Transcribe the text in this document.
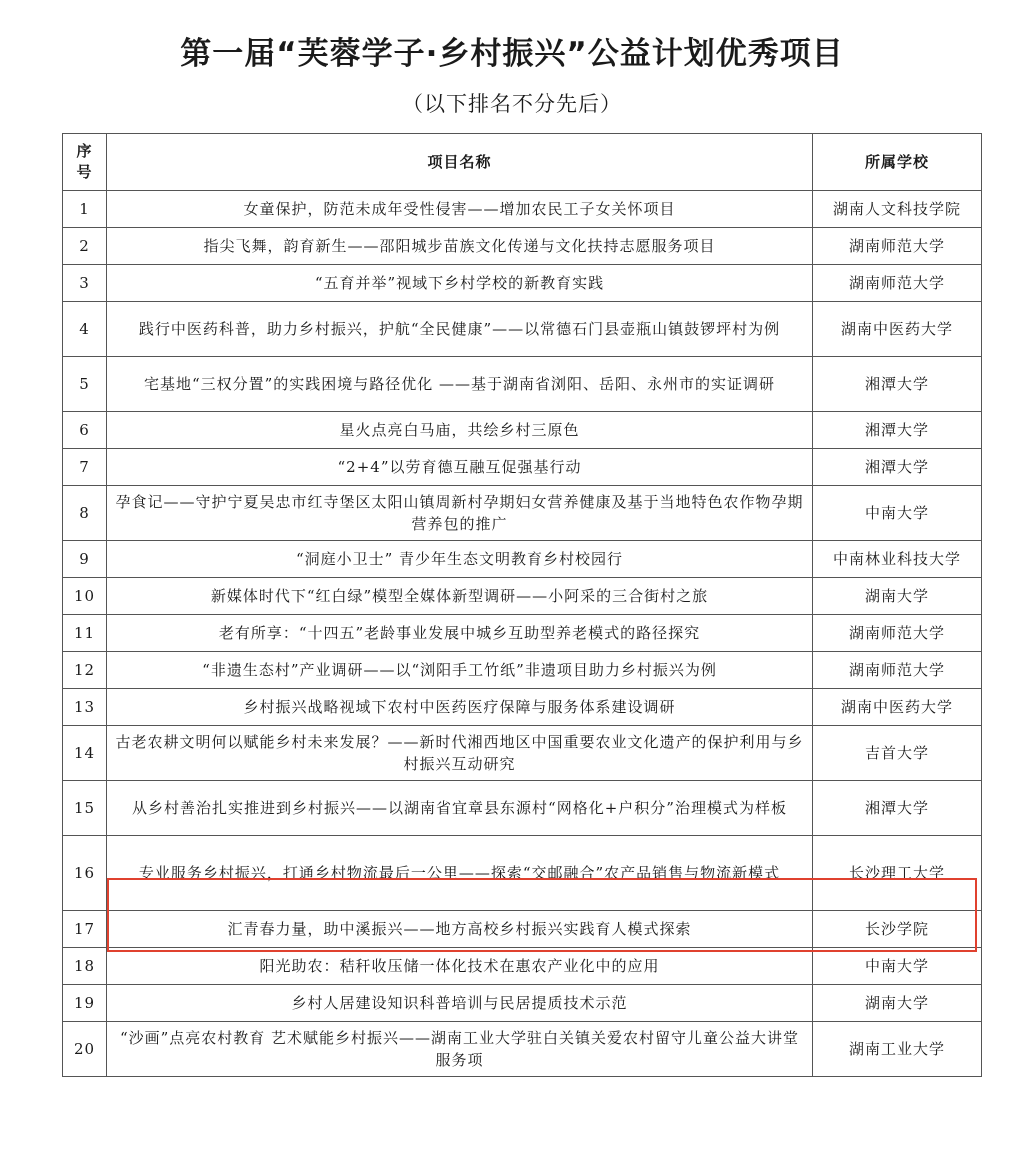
第一届“芙蓉学子·乡村振兴”公益计划优秀项目
（以下排名不分先后）
序
号	项目名称	所属学校
1	女童保护，防范未成年受性侵害——增加农民工子女关怀项目	湖南人文科技学院
2	指尖飞舞，韵育新生——邵阳城步苗族文化传递与文化扶持志愿服务项目	湖南师范大学
3	“五育并举”视域下乡村学校的新教育实践	湖南师范大学
4	践行中医药科普，助力乡村振兴，护航“全民健康”——以常德石门县壶瓶山镇鼓锣坪村为例	湖南中医药大学
5	宅基地“三权分置”的实践困境与路径优化 ——基于湖南省浏阳、岳阳、永州市的实证调研	湘潭大学
6	星火点亮白马庙，共绘乡村三原色	湘潭大学
7	“2+4”以劳育德互融互促强基行动	湘潭大学
8	孕食记——守护宁夏吴忠市红寺堡区太阳山镇周新村孕期妇女营养健康及基于当地特色农作物孕期营养包的推广	中南大学
9	“洞庭小卫士” 青少年生态文明教育乡村校园行	中南林业科技大学
10	新媒体时代下“红白绿”模型全媒体新型调研——小阿采的三合街村之旅	湖南大学
11	老有所享：“十四五”老龄事业发展中城乡互助型养老模式的路径探究	湖南师范大学
12	“非遗生态村”产业调研——以“浏阳手工竹纸”非遗项目助力乡村振兴为例	湖南师范大学
13	乡村振兴战略视域下农村中医药医疗保障与服务体系建设调研	湖南中医药大学
14	古老农耕文明何以赋能乡村未来发展？——新时代湘西地区中国重要农业文化遗产的保护利用与乡村振兴互动研究	吉首大学
15	从乡村善治扎实推进到乡村振兴——以湖南省宜章县东源村“网格化+户积分”治理模式为样板	湘潭大学
16	专业服务乡村振兴，打通乡村物流最后一公里——探索“交邮融合”农产品销售与物流新模式	长沙理工大学
17	汇青春力量，助中溪振兴——地方高校乡村振兴实践育人模式探索	长沙学院
18	阳光助农：秸秆收压储一体化技术在惠农产业化中的应用	中南大学
19	乡村人居建设知识科普培训与民居提质技术示范	湖南大学
20	“沙画”点亮农村教育 艺术赋能乡村振兴——湖南工业大学驻白关镇关爱农村留守儿童公益大讲堂服务项	湖南工业大学
